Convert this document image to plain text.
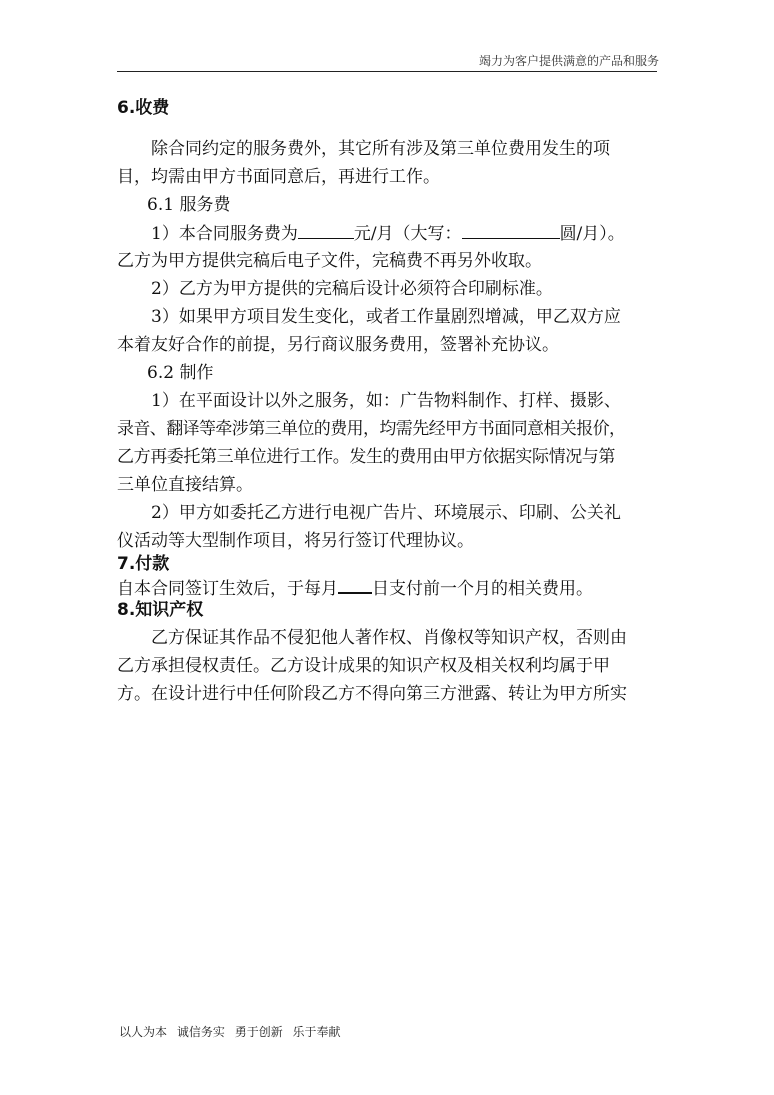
竭力为客户提供满意的产品和服务
6.收费
除合同约定的服务费外，其它所有涉及第三单位费用发生的项
目，均需由甲方书面同意后，再进行工作。
6.1 服务费
1）本合同服务费为	元/月（大写：	圆/月）。
乙方为甲方提供完稿后电子文件，完稿费不再另外收取。
2）乙方为甲方提供的完稿后设计必须符合印刷标准。
3）如果甲方项目发生变化，或者工作量剧烈增减，甲乙双方应
本着友好合作的前提，另行商议服务费用，签署补充协议。
6.2 制作
1）在平面设计以外之服务，如：广告物料制作、打样、摄影、
录音、翻译等牵涉第三单位的费用，均需先经甲方书面同意相关报价，
乙方再委托第三单位进行工作。发生的费用由甲方依据实际情况与第
三单位直接结算。
2）甲方如委托乙方进行电视广告片、环境展示、印刷、公关礼
仪活动等大型制作项目，将另行签订代理协议。
7.付款
自本合同签订生效后，于每月 日支付前一个月的相关费用。
8.知识产权
乙方保证其作品不侵犯他人著作权、肖像权等知识产权，否则由
乙方承担侵权责任。乙方设计成果的知识产权及相关权利均属于甲
方。在设计进行中任何阶段乙方不得向第三方泄露、转让为甲方所实
以人为本 诚信务实 勇于创新 乐于奉献
